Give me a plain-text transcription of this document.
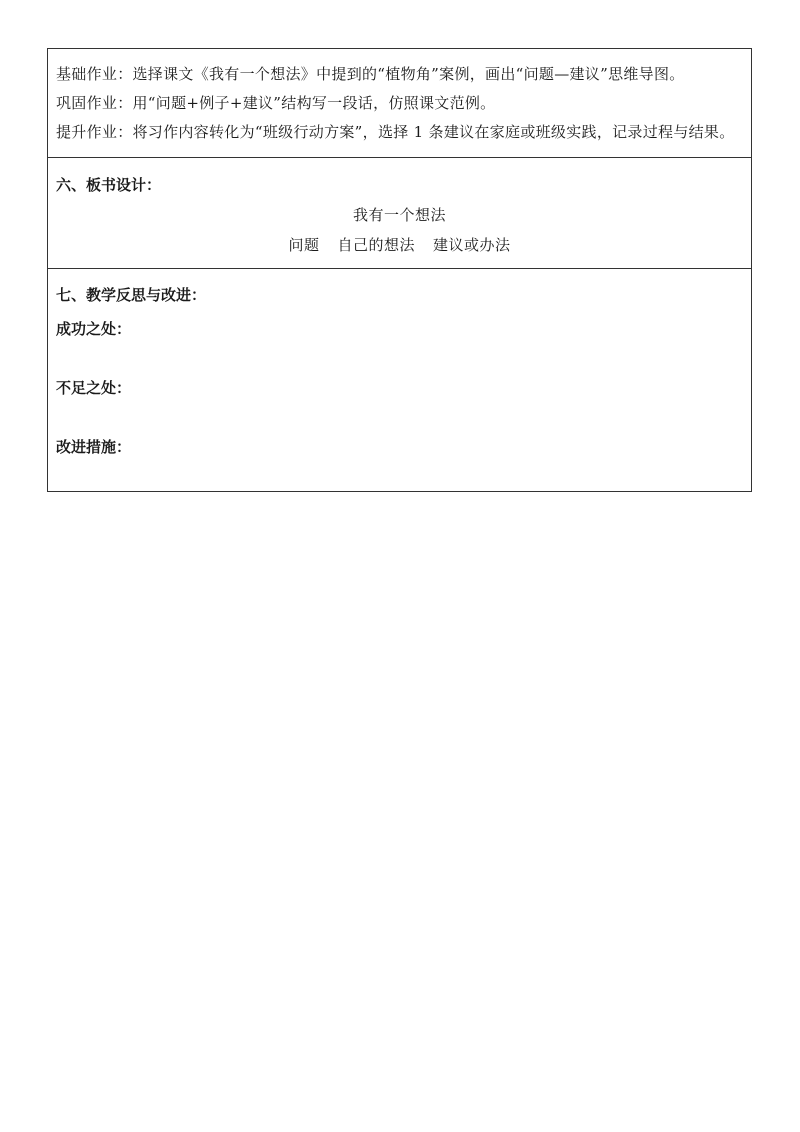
基础作业：选择课文《我有一个想法》中提到的“植物角”案例，画出“问题—建议”思维导图。

巩固作业：用“问题+例子+建议”结构写一段话，仿照课文范例。

提升作业：将习作内容转化为“班级行动方案”，选择 1 条建议在家庭或班级实践，记录过程与结果。

六、板书设计：

我有一个想法

问题 自己的想法 建议或办法

七、教学反思与改进：

成功之处：

不足之处：

改进措施：
